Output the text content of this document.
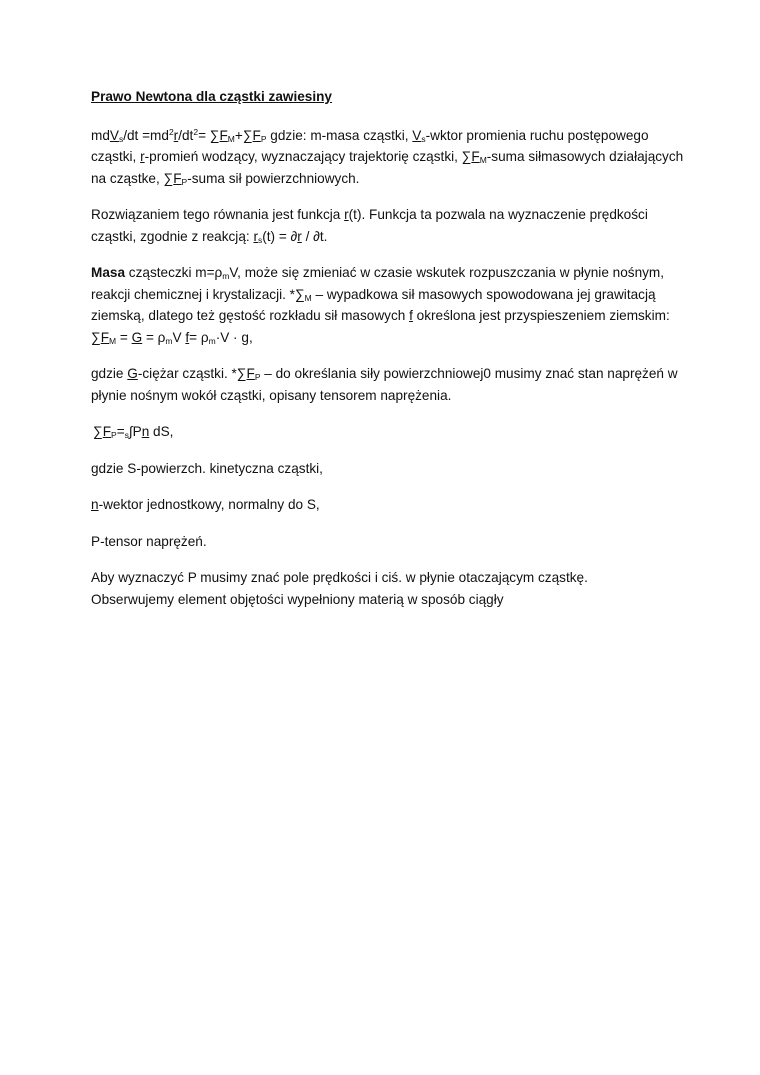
Prawo Newtona dla cząstki zawiesiny

$mdV_s/dt =md^2r/dt^2= \sum F_M+\sum F_P$ gdzie: m-masa cząstki, $V_s$-wktor promienia ruchu postępowego cząstki, r-promień wodzący, wyznaczający trajektorię cząstki, $\sum F_M$-suma siłmasowych działających na cząstke, $\sum F_P$-suma sił powierzchniowych.

Rozwiązaniem tego równania jest funkcja r(t). Funkcja ta pozwala na wyznaczenie prędkości cząstki, zgodnie z reakcją: $r_s(t) = \partial r / \partial t$.

Masa cząsteczki $m=\rho_mV$, może się zmieniać w czasie wskutek rozpuszczania w płynie nośnym, reakcji chemicznej i krystalizacji. $*\sum_M$ – wypadkowa sił masowych spowodowana jej grawitacją ziemską, dlatego też gęstość rozkładu sił masowych f określona jest przyspieszeniem ziemskim: $\sum F_M = G = \rho_mV$ $f= \rho_m\cdot V \cdot g$,

gdzie G-ciężar cząstki. $*\sum F_P$ – do określania siły powierzchniowej0 musimy znać stan naprężeń w płynie nośnym wokół cząstki, opisany tensorem naprężenia.

$\sum F_P=_s\int Pn$ dS,

gdzie S-powierzch. kinetyczna cząstki,

n-wektor jednostkowy, normalny do S,

P-tensor naprężeń.

Aby wyznaczyć P musimy znać pole prędkości i ciś. w płynie otaczającym cząstkę.
Obserwujemy element objętości wypełniony materią w sposób ciągły
